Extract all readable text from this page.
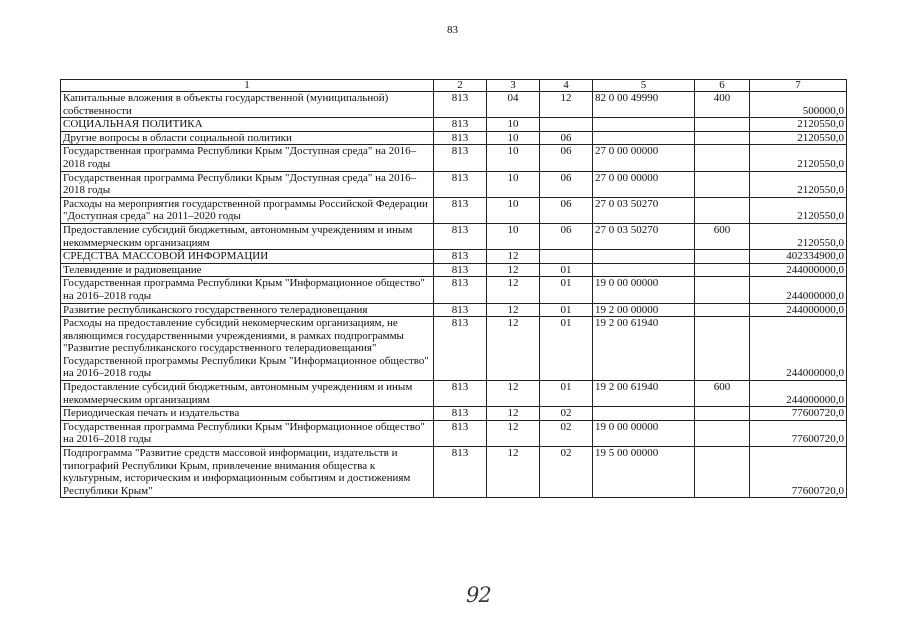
83
1	2	3	4	5	6	7
Капитальные вложения в объекты государственной (муниципальной) собственности	813	04	12	82 0 00 49990	400	500000,0
СОЦИАЛЬНАЯ ПОЛИТИКА	813	10				2120550,0
Другие вопросы в области социальной политики	813	10	06			2120550,0
Государственная программа Республики Крым "Доступная среда" на 2016–2018 годы	813	10	06	27 0 00 00000		2120550,0
Государственная программа Республики Крым "Доступная среда" на 2016–2018 годы	813	10	06	27 0 00 00000		2120550,0
Расходы на мероприятия государственной программы Российской Федерации "Доступная среда" на 2011–2020 годы	813	10	06	27 0 03 50270		2120550,0
Предоставление субсидий бюджетным, автономным учреждениям и иным некоммерческим организациям	813	10	06	27 0 03 50270	600	2120550,0
СРЕДСТВА МАССОВОЙ ИНФОРМАЦИИ	813	12				402334900,0
Телевидение и радиовещание	813	12	01			244000000,0
Государственная программа Республики Крым "Информационное общество" на 2016–2018 годы	813	12	01	19 0 00 00000		244000000,0
Развитие республиканского государственного телерадиовещания	813	12	01	19 2 00 00000		244000000,0
Расходы на предоставление субсидий некомерческим организациям, не являющимся государственными учреждениями, в рамках подпрограммы "Развитие республиканского государственного телерадиовещания" Государственной программы Республики Крым "Информационное общество" на 2016–2018 годы	813	12	01	19 2 00 61940		244000000,0
Предоставление субсидий бюджетным, автономным учреждениям и иным некоммерческим организациям	813	12	01	19 2 00 61940	600	244000000,0
Периодическая печать и издательства	813	12	02			77600720,0
Государственная программа Республики Крым "Информационное общество" на 2016–2018 годы	813	12	02	19 0 00 00000		77600720,0
Подпрограмма "Развитие средств массовой информации, издательств и типографий Республики Крым, привлечение внимания общества к культурным, историческим и информационным событиям и достижениям Республики Крым"	813	12	02	19 5 00 00000		77600720,0
92
